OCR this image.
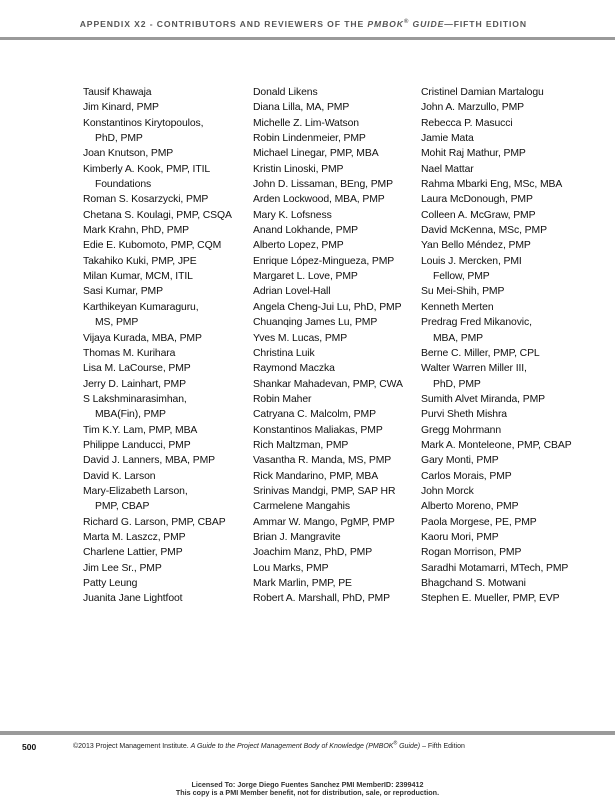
APPENDIX X2 - CONTRIBUTORS AND REVIEWERS OF THE PMBOK® GUIDE—FIFTH EDITION
Tausif Khawaja
Jim Kinard, PMP
Konstantinos Kirytopoulos,
PhD, PMP
Joan Knutson, PMP
Kimberly A. Kook, PMP, ITIL
Foundations
Roman S. Kosarzycki, PMP
Chetana S. Koulagi, PMP, CSQA
Mark Krahn, PhD, PMP
Edie E. Kubomoto, PMP, CQM
Takahiko Kuki, PMP, JPE
Milan Kumar, MCM, ITIL
Sasi Kumar, PMP
Karthikeyan Kumaraguru,
MS, PMP
Vijaya Kurada, MBA, PMP
Thomas M. Kurihara
Lisa M. LaCourse, PMP
Jerry D. Lainhart, PMP
S Lakshminarasimhan,
MBA(Fin), PMP
Tim K.Y. Lam, PMP, MBA
Philippe Landucci, PMP
David J. Lanners, MBA, PMP
David K. Larson
Mary-Elizabeth Larson,
PMP, CBAP
Richard G. Larson, PMP, CBAP
Marta M. Laszcz, PMP
Charlene Lattier, PMP
Jim Lee Sr., PMP
Patty Leung
Juanita Jane Lightfoot
Donald Likens
Diana Lilla, MA, PMP
Michelle Z. Lim-Watson
Robin Lindenmeier, PMP
Michael Linegar, PMP, MBA
Kristin Linoski, PMP
John D. Lissaman, BEng, PMP
Arden Lockwood, MBA, PMP
Mary K. Lofsness
Anand Lokhande, PMP
Alberto Lopez, PMP
Enrique López-Mingueza, PMP
Margaret L. Love, PMP
Adrian Lovel-Hall
Angela Cheng-Jui Lu, PhD, PMP
Chuanqing James Lu, PMP
Yves M. Lucas, PMP
Christina Luik
Raymond Maczka
Shankar Mahadevan, PMP, CWA
Robin Maher
Catryana C. Malcolm, PMP
Konstantinos Maliakas, PMP
Rich Maltzman, PMP
Vasantha R. Manda, MS, PMP
Rick Mandarino, PMP, MBA
Srinivas Mandgi, PMP, SAP HR
Carmelene Mangahis
Ammar W. Mango, PgMP, PMP
Brian J. Mangravite
Joachim Manz, PhD, PMP
Lou Marks, PMP
Mark Marlin, PMP, PE
Robert A. Marshall, PhD, PMP
Cristinel Damian Martalogu
John A. Marzullo, PMP
Rebecca P. Masucci
Jamie Mata
Mohit Raj Mathur, PMP
Nael Mattar
Rahma Mbarki Eng, MSc, MBA
Laura McDonough, PMP
Colleen A. McGraw, PMP
David McKenna, MSc, PMP
Yan Bello Méndez, PMP
Louis J. Mercken, PMI
Fellow, PMP
Su Mei-Shih, PMP
Kenneth Merten
Predrag Fred Mikanovic,
MBA, PMP
Berne C. Miller, PMP, CPL
Walter Warren Miller III,
PhD, PMP
Sumith Alvet Miranda, PMP
Purvi Sheth Mishra
Gregg Mohrmann
Mark A. Monteleone, PMP, CBAP
Gary Monti, PMP
Carlos Morais, PMP
John Morck
Alberto Moreno, PMP
Paola Morgese, PE, PMP
Kaoru Mori, PMP
Rogan Morrison, PMP
Saradhi Motamarri, MTech, PMP
Bhagchand S. Motwani
Stephen E. Mueller, PMP, EVP
500	©2013 Project Management Institute. A Guide to the Project Management Body of Knowledge (PMBOK® Guide) – Fifth Edition
Licensed To: Jorge Diego Fuentes Sanchez PMI MemberID: 2399412
This copy is a PMI Member benefit, not for distribution, sale, or reproduction.
